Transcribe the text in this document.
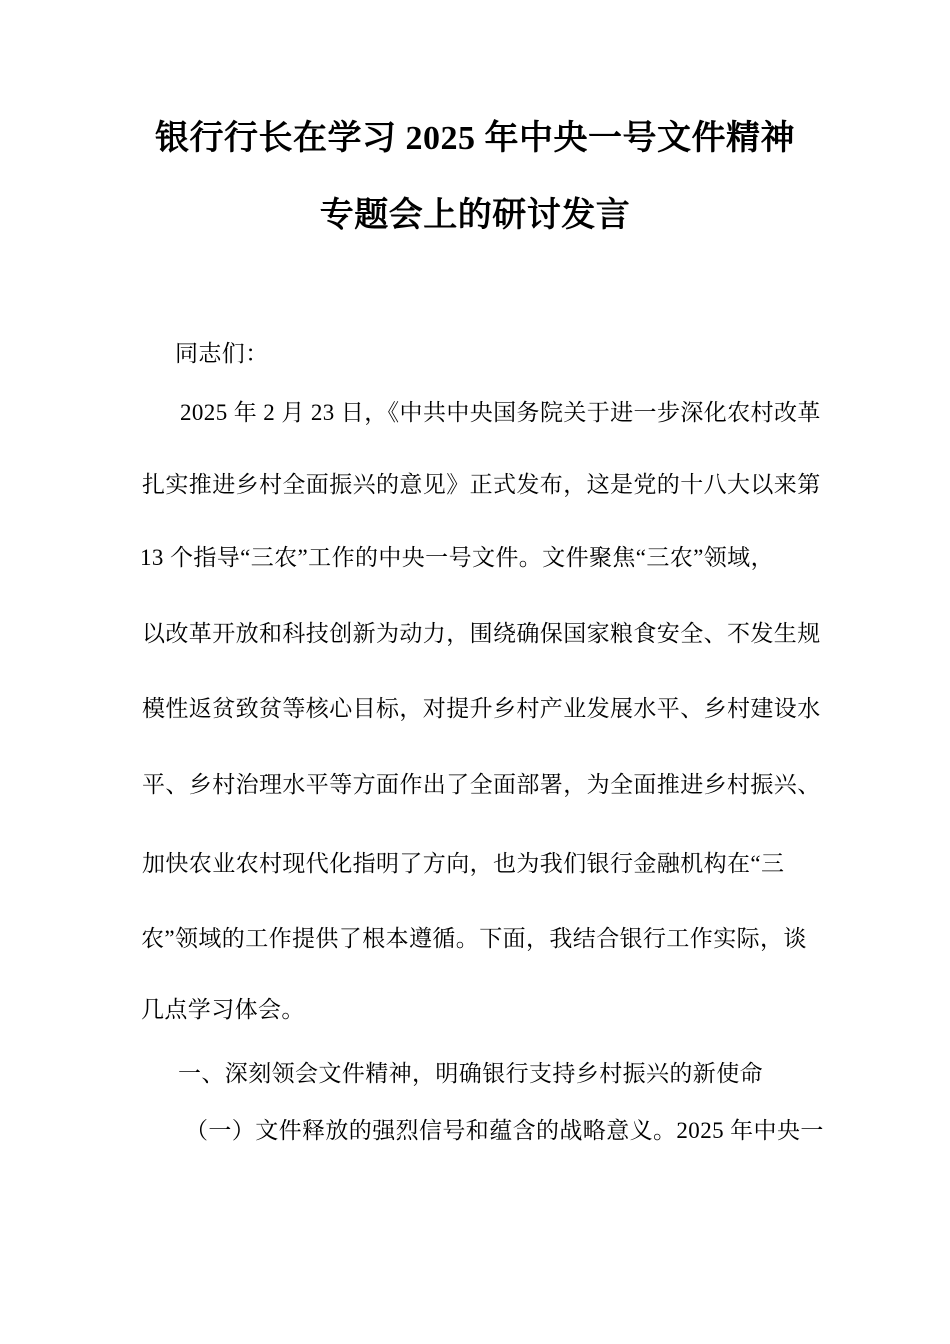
银行行长在学习 2025 年中央一号文件精神
专题会上的研讨发言
同志们：
2025 年 2 月 23 日，《中共中央国务院关于进一步深化农村改革
扎实推进乡村全面振兴的意见》正式发布，这是党的十八大以来第
13 个指导“三农”工作的中央一号文件。文件聚焦“三农”领域，
以改革开放和科技创新为动力，围绕确保国家粮食安全、不发生规
模性返贫致贫等核心目标，对提升乡村产业发展水平、乡村建设水
平、乡村治理水平等方面作出了全面部署，为全面推进乡村振兴、
加快农业农村现代化指明了方向，也为我们银行金融机构在“三
农”领域的工作提供了根本遵循。下面，我结合银行工作实际，谈
几点学习体会。
一、深刻领会文件精神，明确银行支持乡村振兴的新使命
（一）文件释放的强烈信号和蕴含的战略意义。2025 年中央一
